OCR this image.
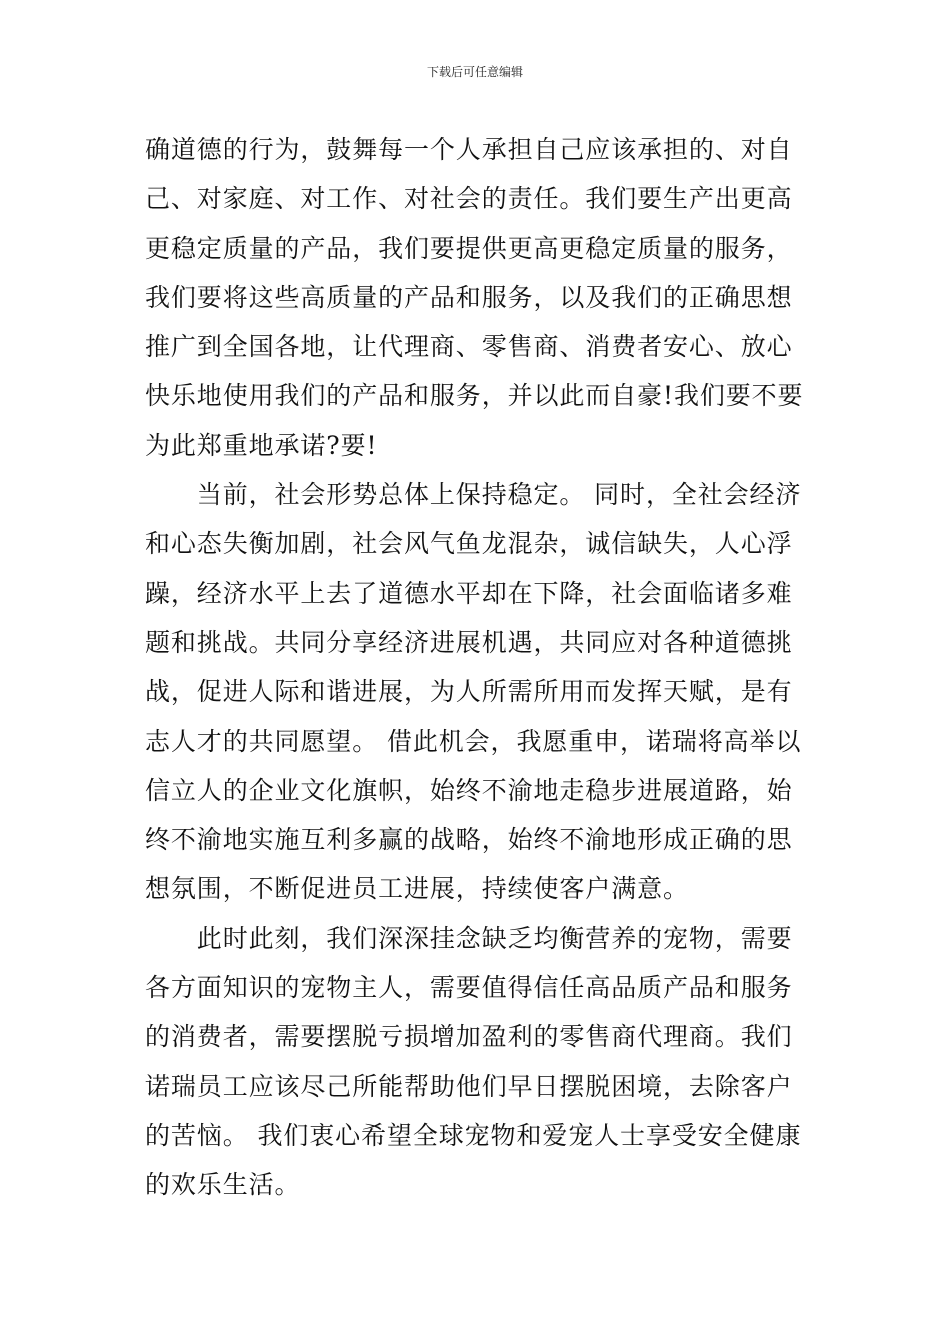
下载后可任意编辑
确道德的行为，鼓舞每一个人承担自己应该承担的、对自
己、对家庭、对工作、对社会的责任。我们要生产出更高
更稳定质量的产品，我们要提供更高更稳定质量的服务，
我们要将这些高质量的产品和服务，以及我们的正确思想
推广到全国各地，让代理商、零售商、消费者安心、放心
快乐地使用我们的产品和服务，并以此而自豪!我们要不要
为此郑重地承诺?要!
　　当前，社会形势总体上保持稳定。 同时，全社会经济
和心态失衡加剧，社会风气鱼龙混杂，诚信缺失，人心浮
躁，经济水平上去了道德水平却在下降，社会面临诸多难
题和挑战。共同分享经济进展机遇，共同应对各种道德挑
战，促进人际和谐进展，为人所需所用而发挥天赋，是有
志人才的共同愿望。 借此机会，我愿重申，诺瑞将高举以
信立人的企业文化旗帜，始终不渝地走稳步进展道路，始
终不渝地实施互利多赢的战略，始终不渝地形成正确的思
想氛围，不断促进员工进展，持续使客户满意。
　　此时此刻，我们深深挂念缺乏均衡营养的宠物，需要
各方面知识的宠物主人，需要值得信任高品质产品和服务
的消费者，需要摆脱亏损增加盈利的零售商代理商。我们
诺瑞员工应该尽己所能帮助他们早日摆脱困境，去除客户
的苦恼。 我们衷心希望全球宠物和爱宠人士享受安全健康
的欢乐生活。
